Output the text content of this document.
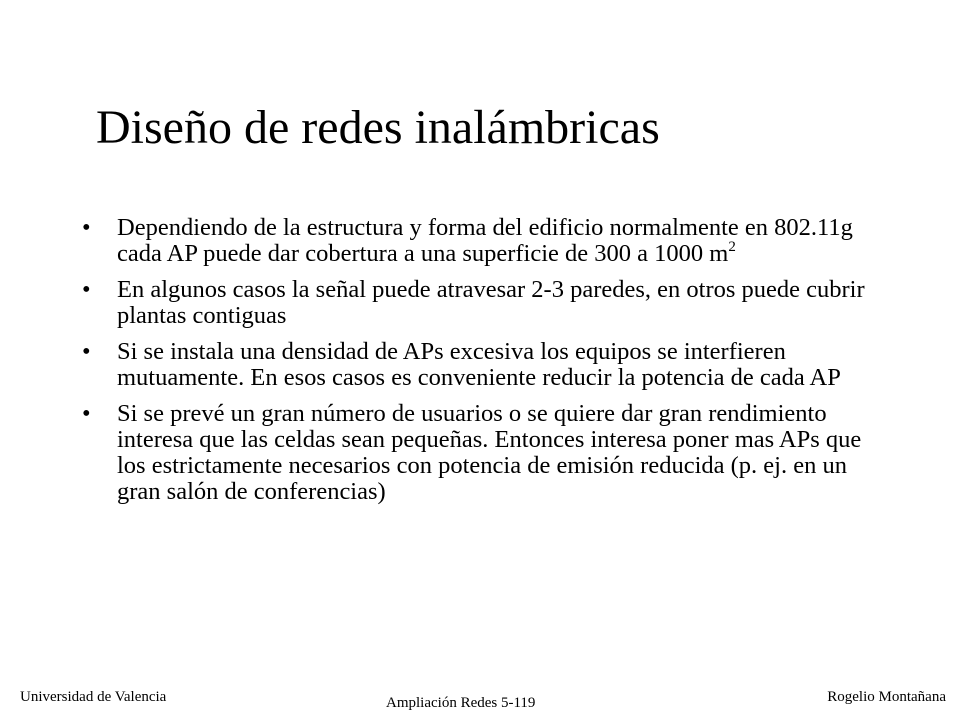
Diseño de redes inalámbricas
• Dependiendo de la estructura y forma del edificio normalmente en 802.11g cada AP puede dar cobertura a una superficie de 300 a 1000 $m^2$
• En algunos casos la señal puede atravesar 2-3 paredes, en otros puede cubrir plantas contiguas
• Si se instala una densidad de APs excesiva los equipos se interfieren mutuamente. En esos casos es conveniente reducir la potencia de cada AP
• Si se prevé un gran número de usuarios o se quiere dar gran rendimiento interesa que las celdas sean pequeñas. Entonces interesa poner mas APs que los estrictamente necesarios con potencia de emisión reducida (p. ej. en un gran salón de conferencias)
Universidad de Valencia	Ampliación Redes 5-119	Rogelio Montañana
